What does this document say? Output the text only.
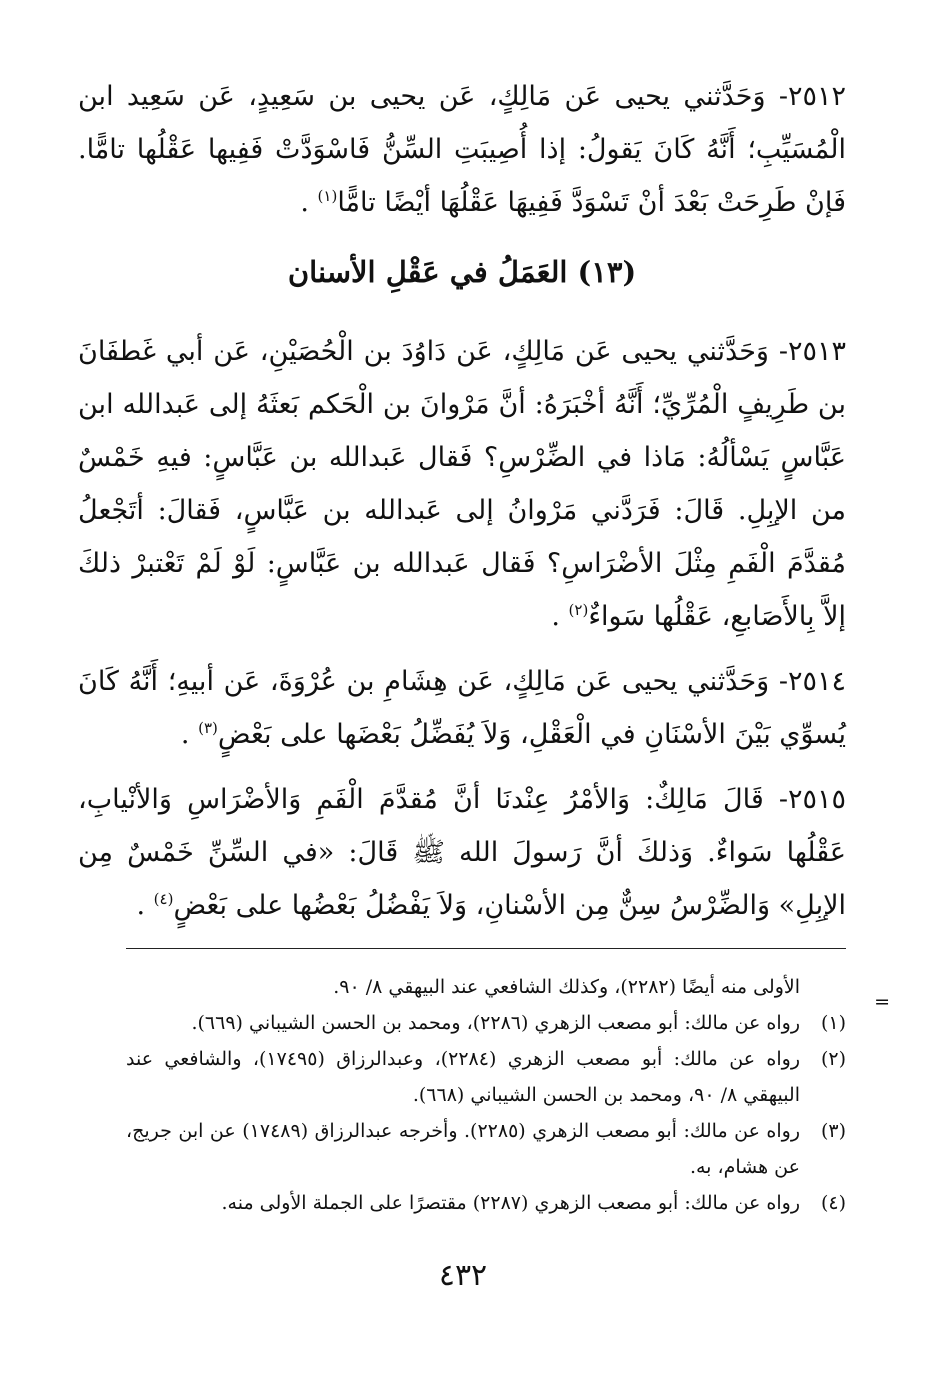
٢٥١٢- وَحَدَّثني يحيى عَن مَالِكٍ، عَن يحيى بن سَعِيدٍ، عَن سَعِيد ابن الْمُسَيِّبِ؛ أَنَّهُ كَانَ يَقولُ: إذا أُصِيبَتِ السِّنُّ فَاسْوَدَّتْ فَفِيها عَقْلُها تامًّا. فَإنْ طَرِحَتْ بَعْدَ أنْ تَسْوَدَّ فَفِيهَا عَقْلُهَا أيْضًا تامًّا$^{(١)}$ .

(١٣) العَمَلُ في عَقْلِ الأسنان

٢٥١٣- وَحَدَّثني يحيى عَن مَالِكٍ، عَن دَاوُدَ بن الْحُصَيْنِ، عَن أبي غَطفَانَ بن طَرِيفٍ الْمُرِّيِّ؛ أَنَّهُ أخْبَرَهُ: أنَّ مَرْوانَ بن الْحَكم بَعثَهُ إلى عَبدالله ابن عَبَّاسٍ يَسْألُهُ: مَاذا في الضِّرْسِ؟ فَقال عَبدالله بن عَبَّاسٍ: فيهِ خَمْسٌ من الإبِلِ. قَالَ: فَرَدَّني مَرْوانُ إلى عَبدالله بن عَبَّاسٍ، فَقالَ: أتَجْعلُ مُقدَّمَ الْفَمِ مِثْلَ الأضْرَاسِ؟ فَقال عَبدالله بن عَبَّاسٍ: لَوْ لَمْ تَعْتبرْ ذلكَ إلاَّ بِالأَصَابعِ، عَقْلُها سَواءٌ$^{(٢)}$ .

٢٥١٤- وَحَدَّثني يحيى عَن مَالِكٍ، عَن هِشَامِ بن عُرْوَةَ، عَن أبيهِ؛ أَنَّهُ كَانَ يُسوِّي بَيْنَ الأسْنَانِ في الْعَقْلِ، وَلاَ يُفَضِّلُ بَعْضَها على بَعْضٍ$^{(٣)}$ .

٢٥١٥- قَالَ مَالِكٌ: وَالأمْرُ عِنْدنَا أنَّ مُقدَّمَ الْفَمِ وَالأضْرَاسِ وَالأنْيابِ، عَقْلُها سَواءٌ. وَذلكَ أنَّ رَسولَ الله ﷺ قَالَ: «في السِّنِّ خَمْسٌ مِن الإبِلِ» وَالضِّرْسُ سِنٌّ مِن الأسْنانِ، وَلاَ يَفْضُلُ بَعْضُها على بَعْضٍ$^{(٤)}$ .

=
الأولى منه أيضًا (٢٢٨٢)، وكذلك الشافعي عند البيهقي ٨/ ٩٠.
(١)
رواه عن مالك: أبو مصعب الزهري (٢٢٨٦)، ومحمد بن الحسن الشيباني (٦٦٩).
(٢)
رواه عن مالك: أبو مصعب الزهري (٢٢٨٤)، وعبدالرزاق (١٧٤٩٥)، والشافعي عند البيهقي ٨/ ٩٠، ومحمد بن الحسن الشيباني (٦٦٨).
(٣)
رواه عن مالك: أبو مصعب الزهري (٢٢٨٥). وأخرجه عبدالرزاق (١٧٤٨٩) عن ابن جريج، عن هشام، به.
(٤)
رواه عن مالك: أبو مصعب الزهري (٢٢٨٧) مقتصرًا على الجملة الأولى منه.
٤٣٢
